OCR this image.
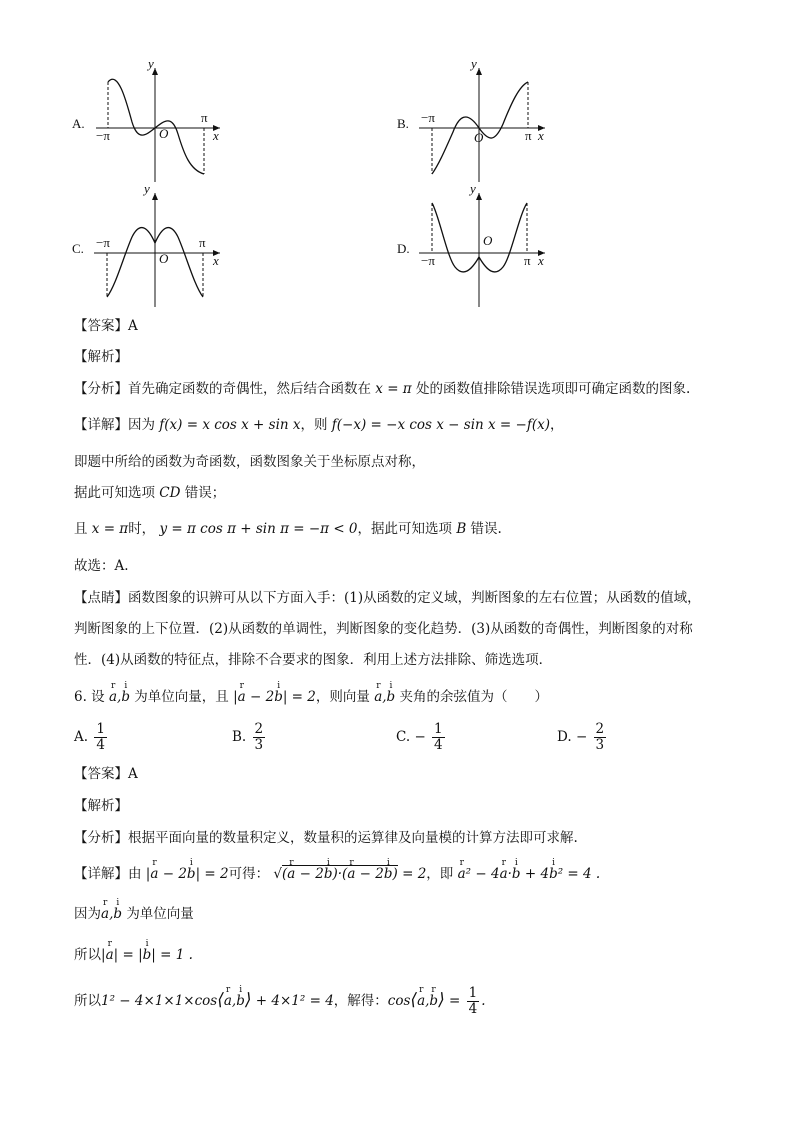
A.
y
O
−π
π
x
B.
y
O
−π
π x
C.
y
O
−π	π
x
D.
y
O
−π	π x
【答案】A
【解析】
【分析】首先确定函数的奇偶性，然后结合函数在 x = π 处的函数值排除错误选项即可确定函数的图象.
【详解】因为 f(x) = x cos x + sin x，则 f(−x) = −x cos x − sin x = −f(x)，
即题中所给的函数为奇函数，函数图象关于坐标原点对称，
据此可知选项 CD 错误；
且 x = π时， y = π cos π + sin π = −π < 0，据此可知选项 B 错误.
故选：A.
【点睛】函数图象的识辨可从以下方面入手：(1)从函数的定义域，判断图象的左右位置；从函数的值域，
判断图象的上下位置．(2)从函数的单调性，判断图象的变化趋势．(3)从函数的奇偶性，判断图象的对称
性．(4)从函数的特征点，排除不合要求的图象．利用上述方法排除、筛选选项．
6. 设 r a,i b 为单位向量，且 |r a − 2i b| = 2，则向量 r a,i b 夹角的余弦值为（　　）
A. $\frac{1}{4}$	B. $\frac{2}{3}$	C. − $\frac{1}{4}$	D. − $\frac{2}{3}$
【答案】A
【解析】
【分析】根据平面向量的数量积定义，数量积的运算律及向量模的计算方法即可求解.
【详解】由 |r a − 2i b| = 2可得： √(r a − 2i b)·(r a − 2i b) = 2，即 r a² − 4r a·i b + 4i b² = 4 .
因为r a,i b 为单位向量
所以|r a| = |i b| = 1 .
所以1² − 4×1×1×cos⟨r a,i b⟩ + 4×1² = 4，解得：cos⟨r a,r b⟩ = $\frac{1}{4}$ .
